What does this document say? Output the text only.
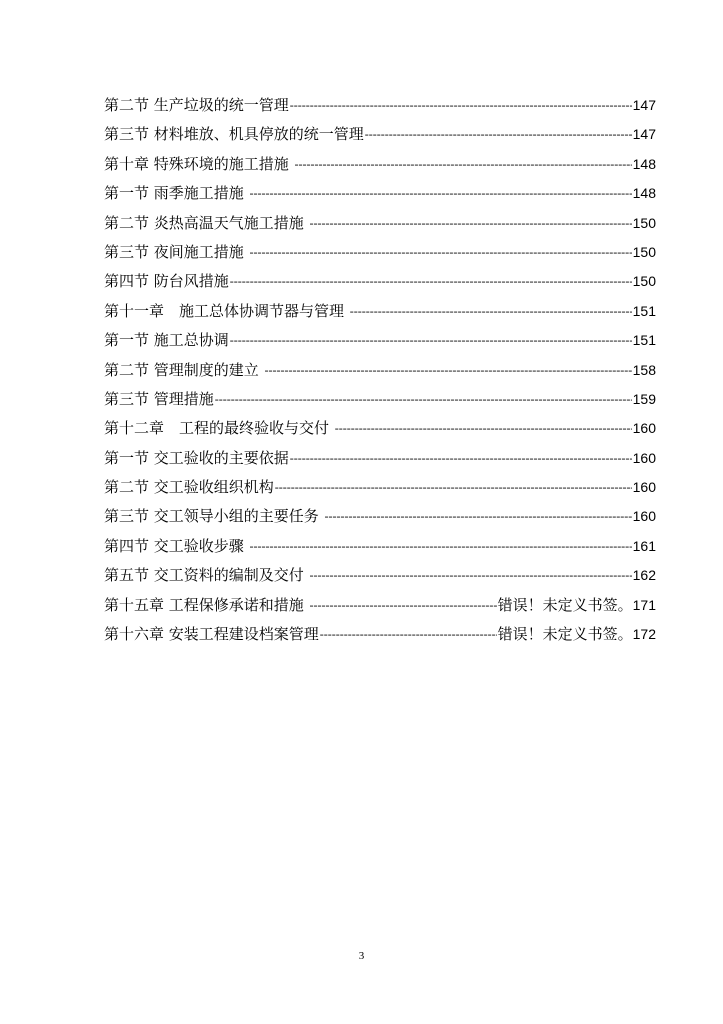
第二节 生产垃圾的统一管理 -----	147
第三节 材料堆放、机具停放的统一管理 -----	147
第十章 特殊环境的施工措施 -----	148
第一节 雨季施工措施 -----	148
第二节 炎热高温天气施工措施 -----	150
第三节 夜间施工措施 -----	150
第四节 防台风措施 -----	150
第十一章　施工总体协调节器与管理 -----	151
第一节 施工总协调 -----	151
第二节 管理制度的建立 -----	158
第三节 管理措施 -----	159
第十二章　工程的最终验收与交付 -----	160
第一节 交工验收的主要依据 -----	160
第二节 交工验收组织机构 -----	160
第三节 交工领导小组的主要任务 -----	160
第四节 交工验收步骤 -----	161
第五节 交工资料的编制及交付 -----	162
第十五章 工程保修承诺和措施 -----	错误！未定义书签。 171
第十六章 安装工程建设档案管理 -----	错误！未定义书签。 172
3
